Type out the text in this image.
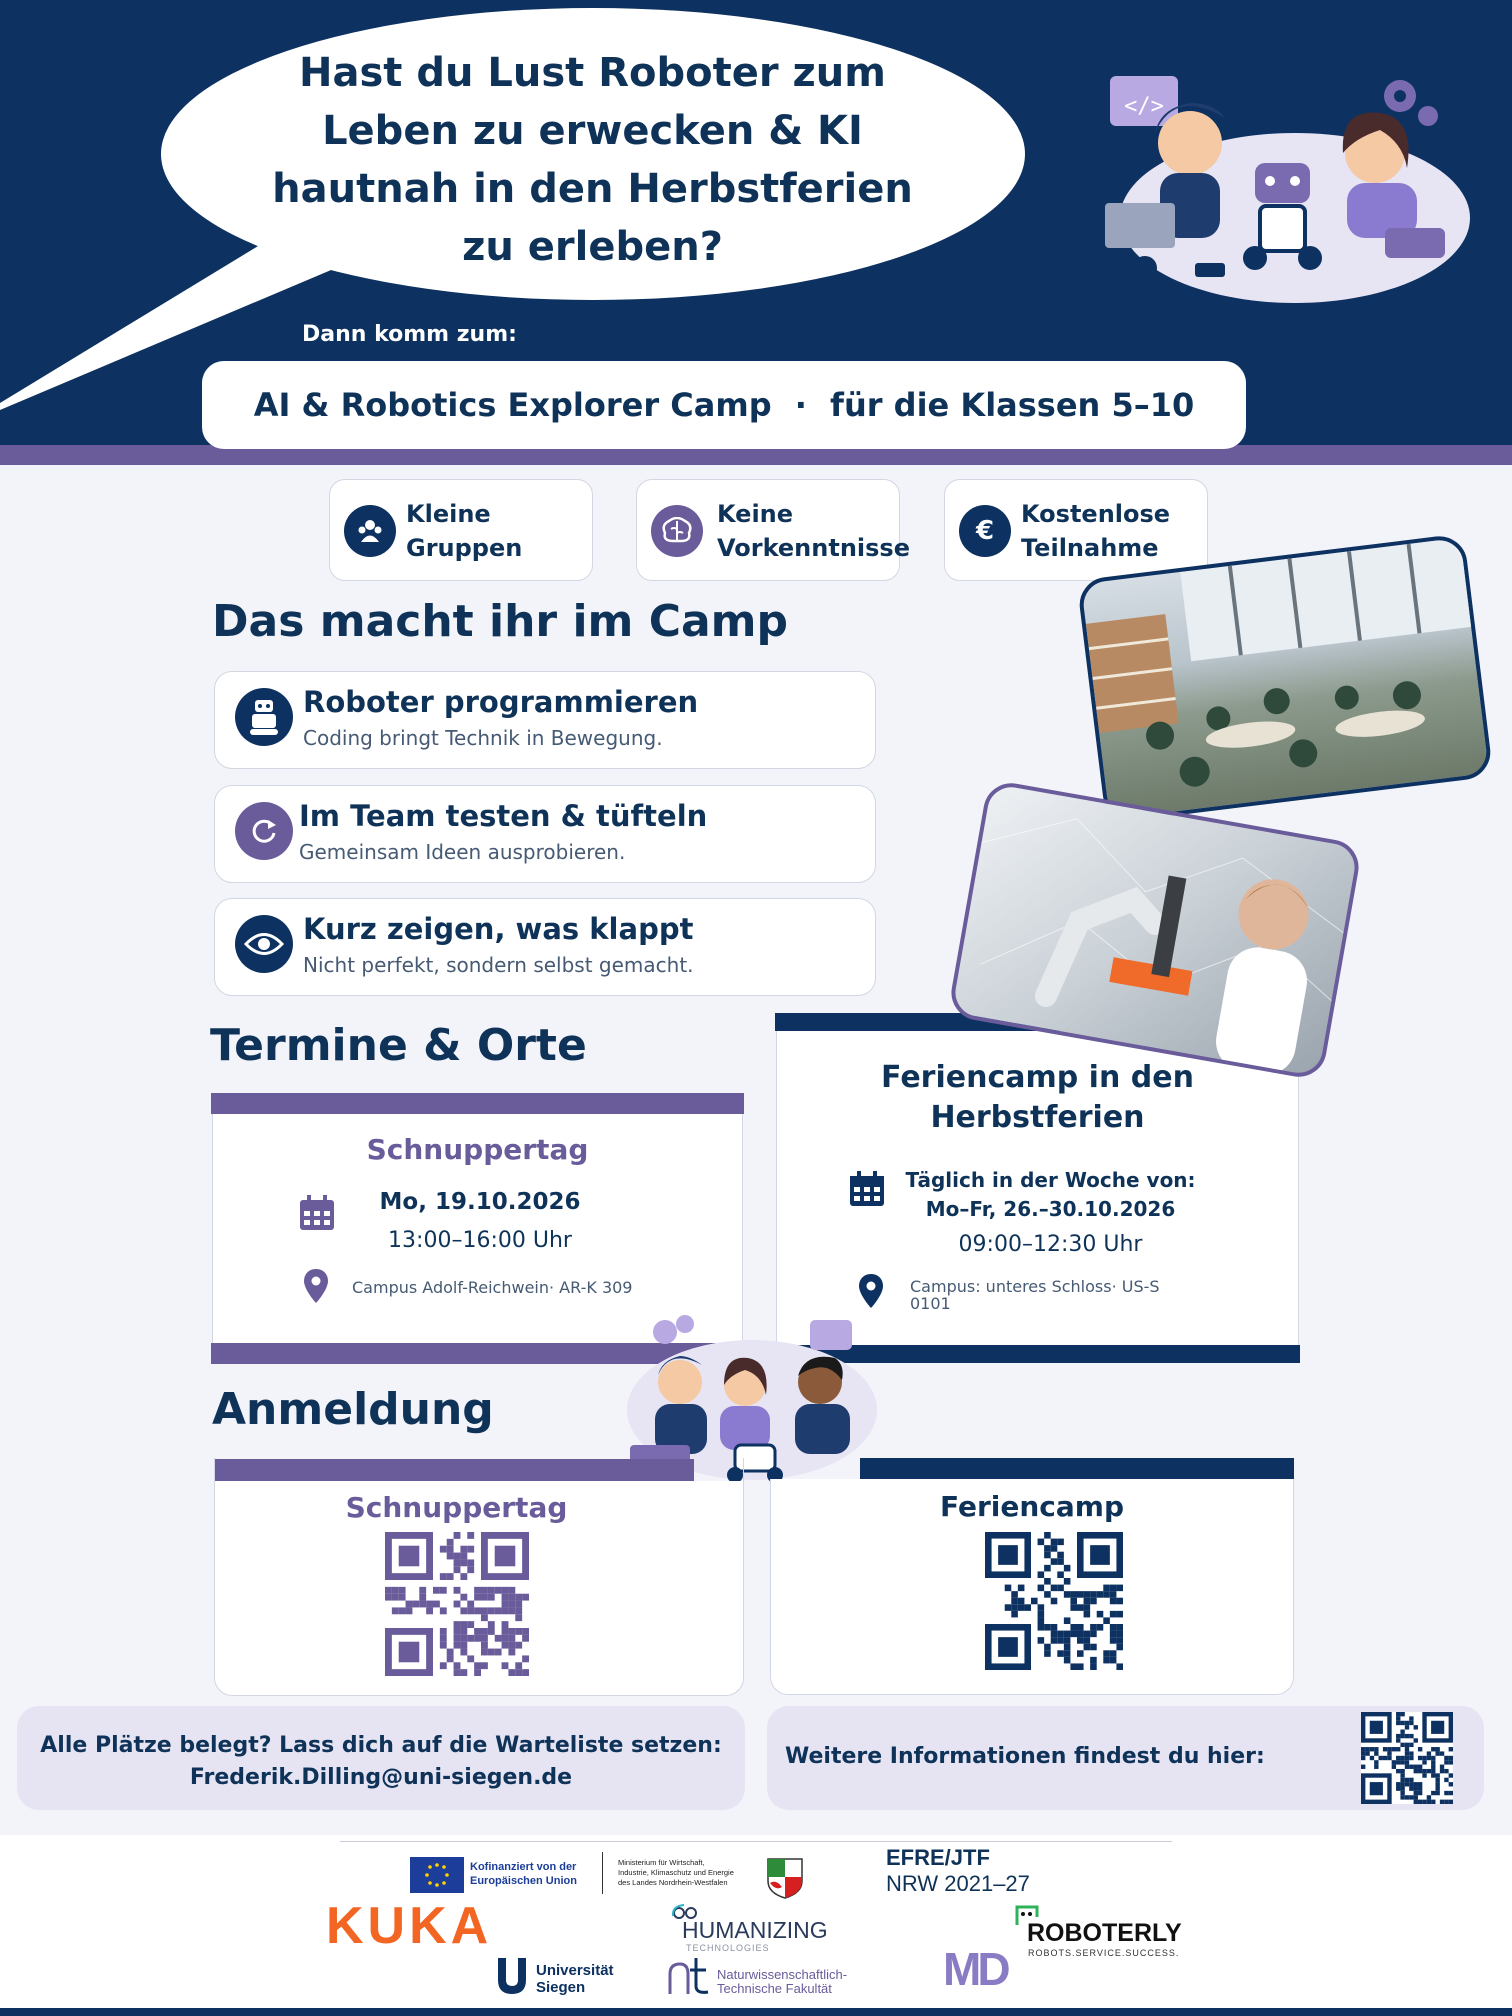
Hast du Lust Roboter zum
Leben zu erwecken & KI
hautnah in den Herbstferien
zu erleben?
</>
Dann komm zum:
AI & Robotics Explorer Camp · für die Klassen 5–10
Kleine
Gruppen
Keine
Vorkenntnisse
€
Kostenlose
Teilnahme
Das macht ihr im Camp
Roboter programmieren
Coding bringt Technik in Bewegung.
Im Team testen & tüfteln
Gemeinsam Ideen ausprobieren.
Kurz zeigen, was klappt
Nicht perfekt, sondern selbst gemacht.
Termine & Orte
Feriencamp in den
Herbstferien
Täglich in der Woche von:
Mo–Fr, 26.–30.10.2026
09:00–12:30 Uhr
Campus: unteres Schloss· US-S
0101
Schnuppertag
Mo, 19.10.2026
13:00–16:00 Uhr
Campus Adolf-Reichwein· AR-K 309
Anmeldung
Schnuppertag	Feriencamp
Alle Plätze belegt? Lass dich auf die Warteliste setzen:
Frederik.Dilling@uni-siegen.de
Weitere Informationen findest du hier:
Kofinanziert von der
Europäischen Union
Ministerium für Wirtschaft,
Industrie, Klimaschutz und Energie
des Landes Nordrhein-Westfalen
EFRE/JTF
NRW 2021–27
KUKA	HUMANIZING
TECHNOLOGIES
ROBOTERLY
ROBOTS.SERVICE.SUCCESS.
Universität
Siegen
Naturwissenschaftlich-
Technische Fakultät	MD
